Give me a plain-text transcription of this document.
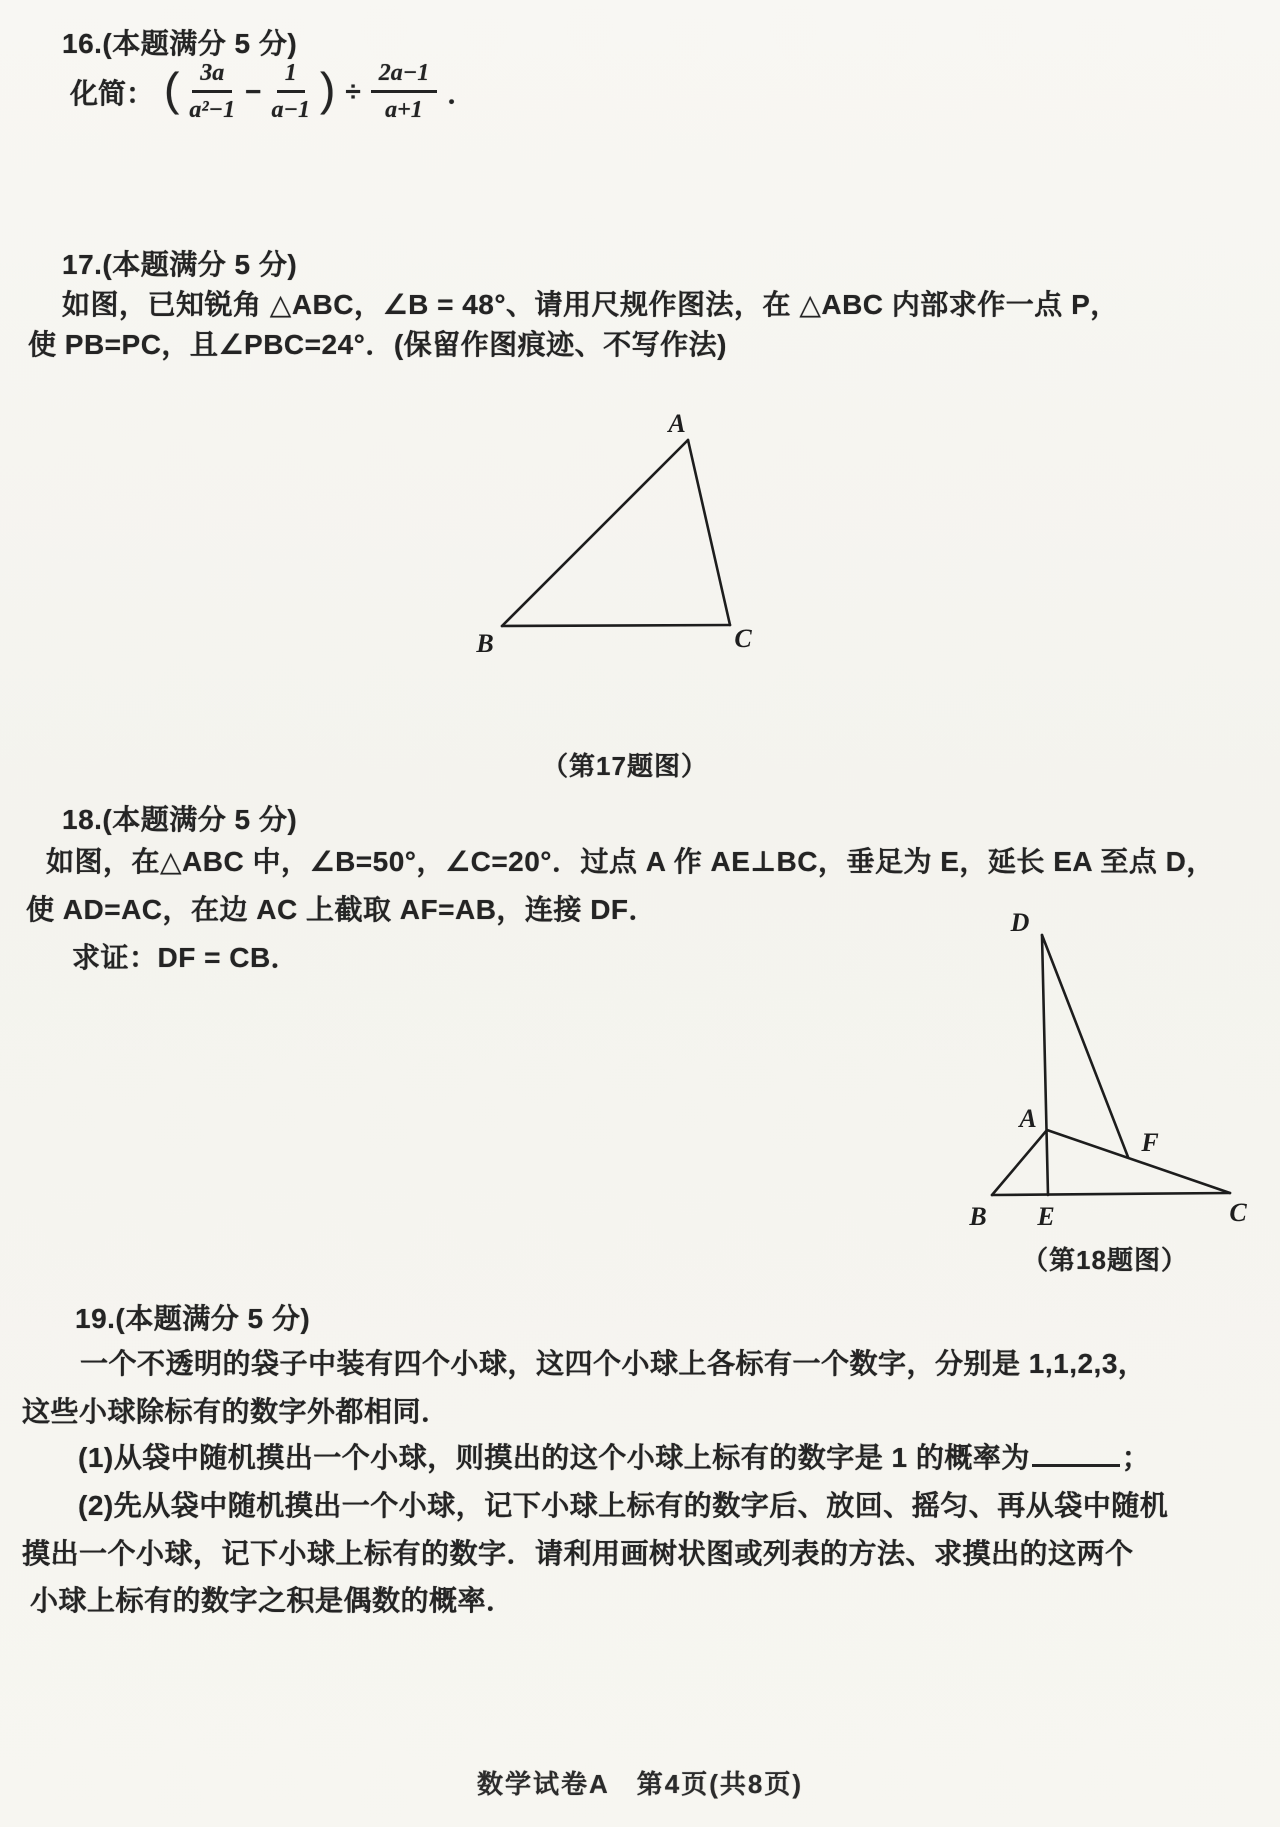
16.(本题满分 5 分)
化简： ( $\frac{3a}{\text{a²−1}} - \frac{1}{a-1}$ ) ÷ $\frac{2a-1}{a+1}$ ．
17.(本题满分 5 分)
如图，已知锐角 △ABC，∠B = 48°、请用尺规作图法，在 △ABC 内部求作一点 P，
使 PB=PC，且∠PBC=24°．(保留作图痕迹、不写作法)
A
B	C
（第17题图）
18.(本题满分 5 分)
如图，在△ABC 中，∠B=50°，∠C=20°．过点 A 作 AE⊥BC，垂足为 E，延长 EA 至点 D，
使 AD=AC，在边 AC 上截取 AF=AB，连接 DF．
求证：DF = CB．
D
A
F
B E	C
（第18题图）
19.(本题满分 5 分)
一个不透明的袋子中装有四个小球，这四个小球上各标有一个数字，分别是 1,1,2,3，
这些小球除标有的数字外都相同．
(1)从袋中随机摸出一个小球，则摸出的这个小球上标有的数字是 1 的概率为	；
(2)先从袋中随机摸出一个小球，记下小球上标有的数字后、放回、摇匀、再从袋中随机
摸出一个小球，记下小球上标有的数字．请利用画树状图或列表的方法、求摸出的这两个
小球上标有的数字之积是偶数的概率．
数学试卷A　第4页(共8页)
